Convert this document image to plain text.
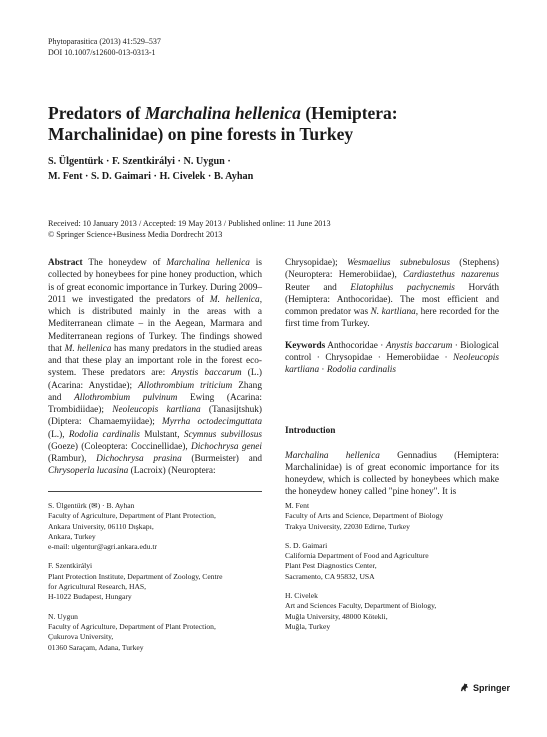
Phytoparasitica (2013) 41:529–537
DOI 10.1007/s12600-013-0313-1
Predators of Marchalina hellenica (Hemiptera: Marchalinidae) on pine forests in Turkey
S. Ülgentürk · F. Szentkirályi · N. Uygun ·
M. Fent · S. D. Gaimari · H. Civelek · B. Ayhan
Received: 10 January 2013 / Accepted: 19 May 2013 / Published online: 11 June 2013
© Springer Science+Business Media Dordrecht 2013

Abstract The honeydew of Marchalina hellenica is collected by honeybees for pine honey production, which is of great economic importance in Turkey. During 2009–2011 we investigated the predators of M. hellenica, which is distributed mainly in the areas with a Mediterranean climate – in the Aegean, Marmara and Mediterranean regions of Turkey. The findings showed that M. hellenica has many predators in the studied areas and that these play an important role in the forest eco-system. These predators are: Anystis baccarum (L.) (Acarina: Anystidae); Allothrombium triticium Zhang and Allothrombium pulvinum Ewing (Acarina: Trombidiidae); Neoleucopis kartliana (Tanasijtshuk) (Diptera: Chamaemyiidae); Myrrha octodecimguttata (L.), Rodolia cardinalis Mulstant, Scymnus subvillosus (Goeze) (Coleoptera: Coccinellidae), Dichochrysa genei (Rambur), Dichochrysa prasina (Burmeister) and Chrysoperla lucasina (Lacroix) (Neuroptera:

Chrysopidae); Wesmaelius subnebulosus (Stephens) (Neuroptera: Hemerobiidae), Cardiastethus nazarenus Reuter and Elatophilus pachycnemis Horváth (Hemiptera: Anthocoridae). The most efficient and common predator was N. kartliana, here recorded for the first time from Turkey.

Keywords Anthocoridae · Anystis baccarum · Biological control · Chrysopidae · Hemerobiidae · Neoleucopis kartliana · Rodolia cardinalis

Introduction

Marchalina hellenica Gennadius (Hemiptera: Marchalinidae) is of great economic importance for its honeydew, which is collected by honeybees which make the honeydew honey called "pine honey". It is

S. Ülgentürk (✉) · B. Ayhan
Faculty of Agriculture, Department of Plant Protection,
Ankara University, 06110 Dışkapı,
Ankara, Turkey
e-mail: ulgentur@agri.ankara.edu.tr

F. Szentkirályi
Plant Protection Institute, Department of Zoology, Centre
for Agricultural Research, HAS,
H-1022 Budapest, Hungary

N. Uygun
Faculty of Agriculture, Department of Plant Protection,
Çukurova University,
01360 Saraçam, Adana, Turkey

M. Fent
Faculty of Arts and Science, Department of Biology
Trakya University, 22030 Edirne, Turkey

S. D. Gaimari
California Department of Food and Agriculture
Plant Pest Diagnostics Center,
Sacramento, CA 95832, USA

H. Civelek
Art and Sciences Faculty, Department of Biology,
Muğla University, 48000 Kötekli,
Muğla, Turkey

Springer
